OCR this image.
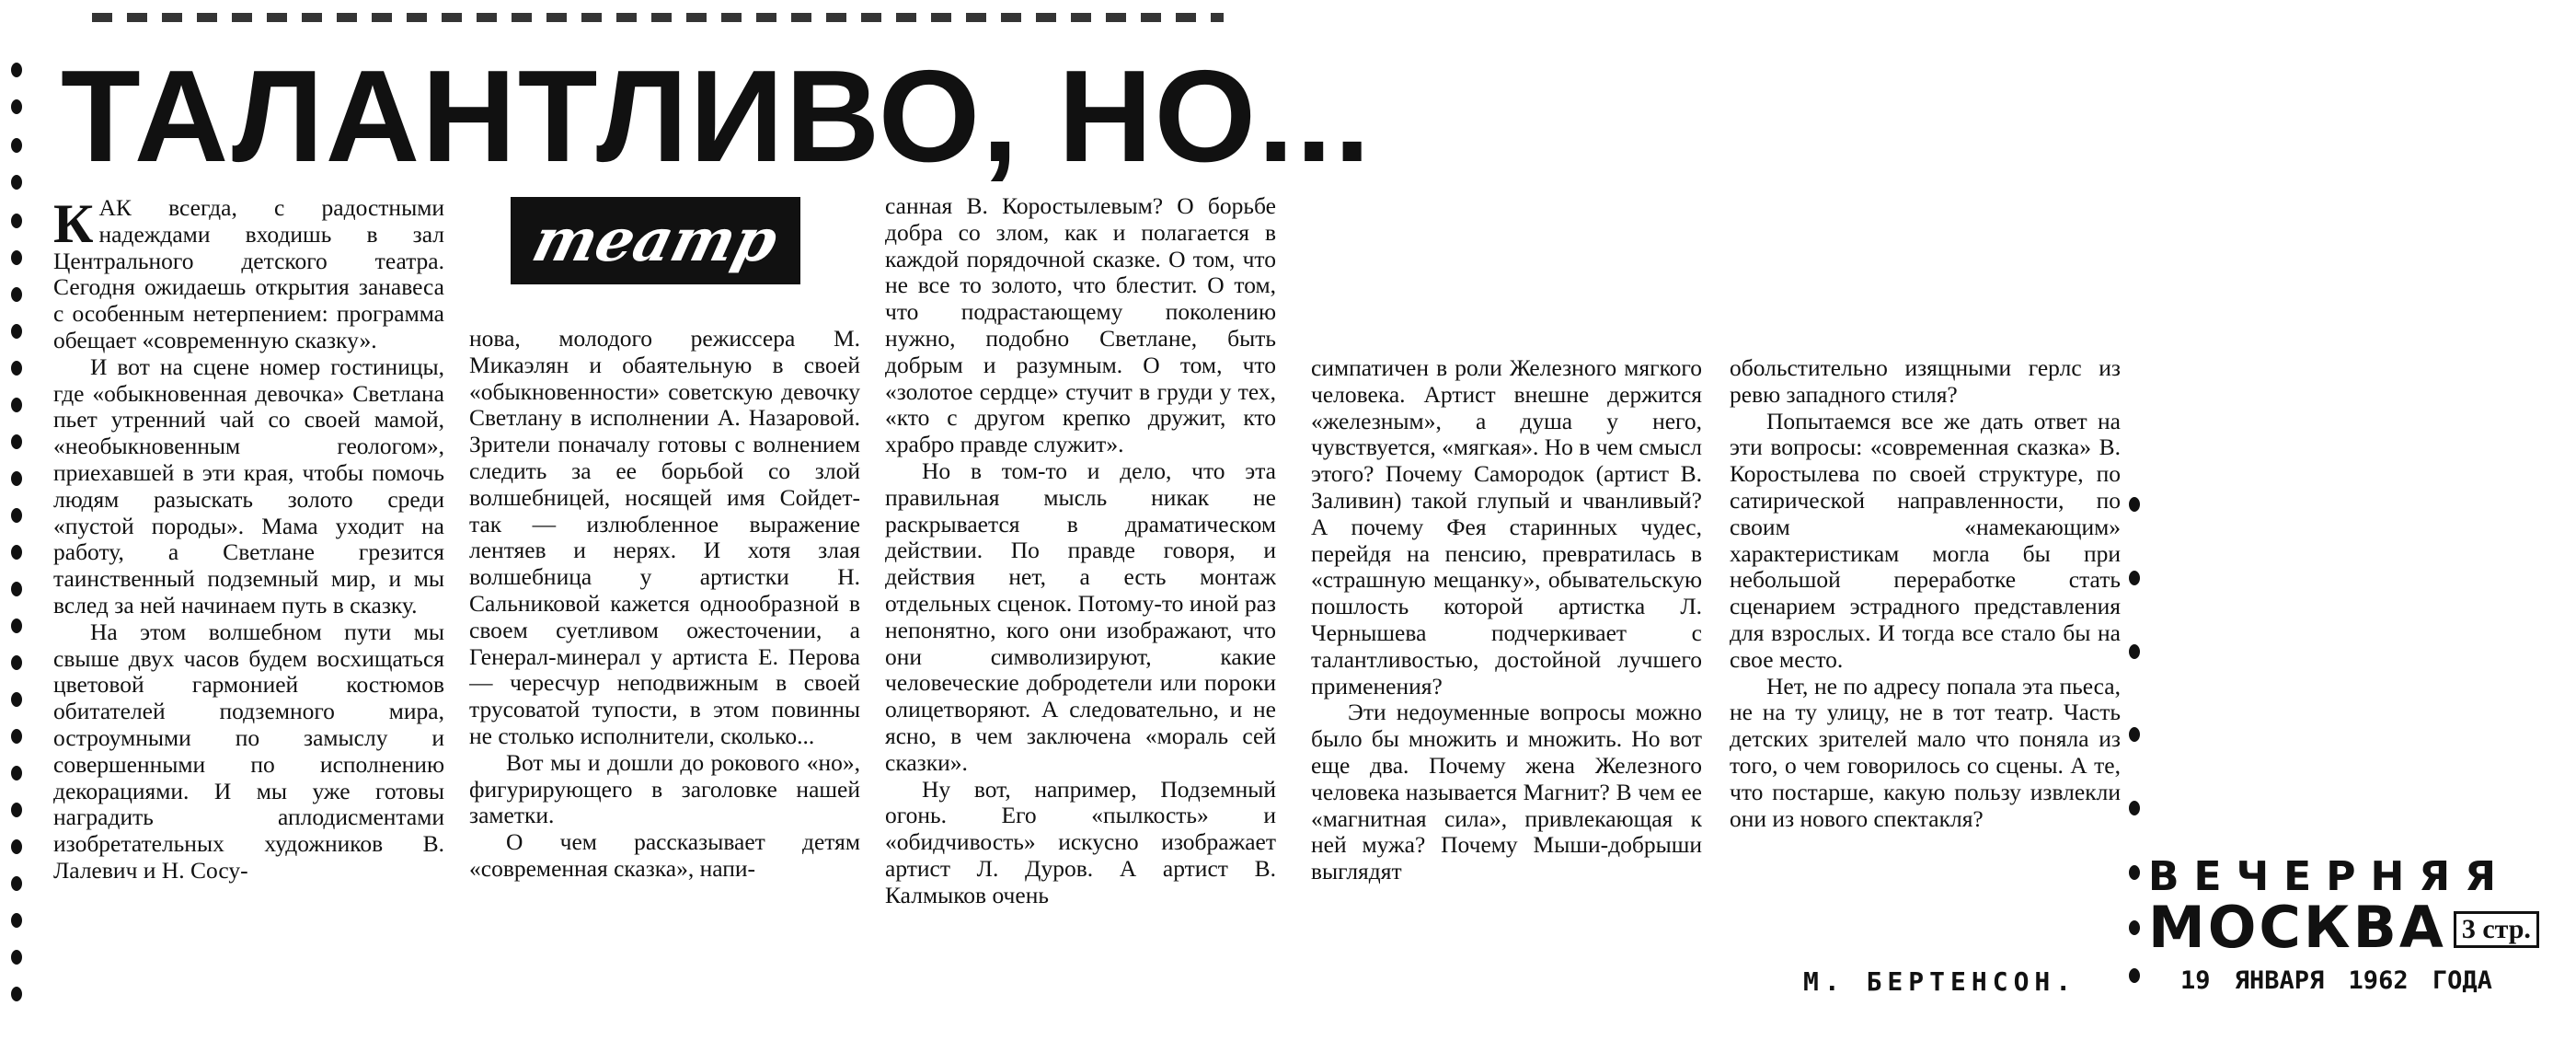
ТАЛАНТЛИВО, НО...
театр

КАК всегда, с радостными надеждами входишь в зал Центрального детского театра. Сегодня ожидаешь открытия занавеса с особенным нетерпением: программа обещает «современную сказку».

И вот на сцене номер гостиницы, где «обыкновенная девочка» Светлана пьет утренний чай со своей мамой, «необыкновенным геологом», приехавшей в эти края, чтобы помочь людям разыскать золото среди «пустой породы». Мама уходит на работу, а Светлане грезится таинственный подземный мир, и мы вслед за ней начинаем путь в сказку.

На этом волшебном пути мы свыше двух часов будем восхищаться цветовой гармонией костюмов обитателей подземного мира, остроумными по замыслу и совершенными по исполнению декорациями. И мы уже готовы наградить аплодисментами изобретательных художников В. Лалевич и Н. Сосу-

нова, молодого режиссера М. Микаэлян и обаятельную в своей «обыкновенности» советскую девочку Светлану в исполнении А. Назаровой. Зрители поначалу готовы с волнением следить за ее борьбой со злой волшебницей, носящей имя Сойдет-так — излюбленное выражение лентяев и неряx. И хотя злая волшебница у артистки Н. Сальниковой кажется однообразной в своем суетливом ожесточении, а Генерал-минерал у артиста Е. Перова — чересчур неподвижным в своей трусоватой тупости, в этом повинны не столько исполнители, сколько...

Вот мы и дошли до рокового «но», фигурирующего в заголовке нашей заметки.

О чем рассказывает детям «современная сказка», напи-

санная В. Коростылевым? О борьбе добра со злом, как и полагается в каждой порядочной сказке. О том, что не все то золото, что блестит. О том, что подрастающему поколению нужно, подобно Светлане, быть добрым и разумным. О том, что «золотое сердце» стучит в груди у тех, «кто с другом крепко дружит, кто храбро правде служит».

Но в том-то и дело, что эта правильная мысль никак не раскрывается в драматическом действии. По правде говоря, и действия нет, а есть монтаж отдельных сценок. Потому-то иной раз непонятно, кого они изображают, что они символизируют, какие человеческие добродетели или пороки олицетворяют. А следовательно, и не ясно, в чем заключена «мораль сей сказки».

Ну вот, например, Подземный огонь. Его «пылкость» и «обидчивость» искусно изображает артист Л. Дуров. А артист В. Калмыков очень

симпатичен в роли Железного мягкого человека. Артист внешне держится «железным», а душа у него, чувствуется, «мягкая». Но в чем смысл этого? Почему Самородок (артист В. Заливин) такой глупый и чванливый? А почему Фея старинных чудес, перейдя на пенсию, превратилась в «страшную мещанку», обывательскую пошлость которой артистка Л. Чернышева подчеркивает с талантливостью, достойной лучшего применения?

Эти недоуменные вопросы можно было бы множить и множить. Но вот еще два. Почему жена Железного человека называется Магнит? В чем ее «магнитная сила», привлекающая к ней мужа? Почему Мыши-добрыши выглядят

обольстительно изящными герлс из ревю западного стиля?

Попытаемся все же дать ответ на эти вопросы: «современная сказка» В. Коростылева по своей структуре, по сатирической направленности, по своим «намекающим» характеристикам могла бы при небольшой переработке стать сценарием эстрадного представления для взрослых. И тогда все стало бы на свое место.

Нет, не по адресу попала эта пьеса, не на ту улицу, не в тот театр. Часть детских зрителей мало что поняла из того, о чем говорилось со сцены. А те, что постарше, какую пользу извлекли они из нового спектакля?

М. БЕРТЕНСОН.
ВЕЧЕРНЯЯ
МОСКВА 3 стр.
19 ЯНВАРЯ 1962 ГОДА
